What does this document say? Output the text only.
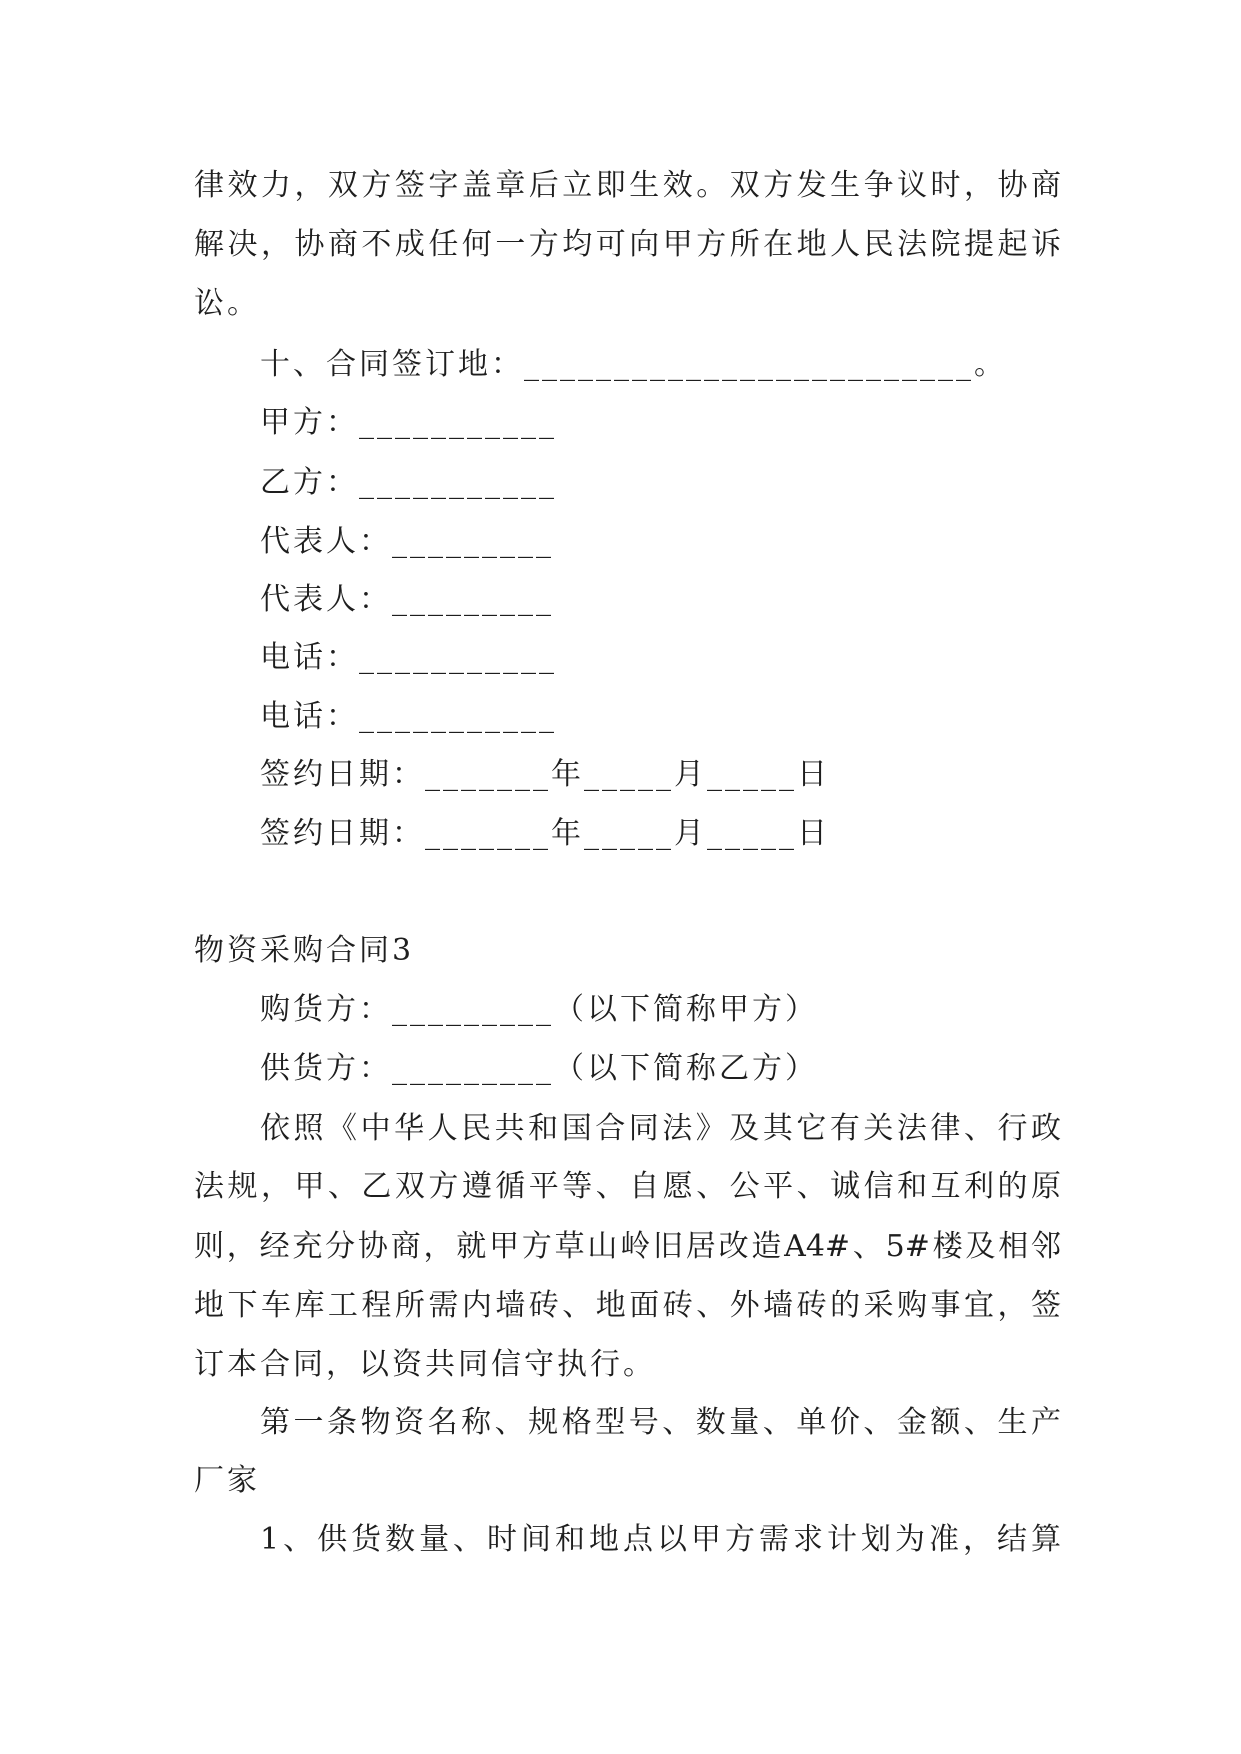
律效力，双方签字盖章后立即生效。双方发生争议时，协商
解决，协商不成任何一方均可向甲方所在地人民法院提起诉
讼。
十、合同签订地：_________________________。
甲方：___________
乙方：___________
代表人：_________
代表人：_________
电话：___________
电话：___________
签约日期：_______年_____月_____日
签约日期：_______年_____月_____日
物资采购合同3
购货方：_________（以下简称甲方）
供货方：_________（以下简称乙方）
依照《中华人民共和国合同法》及其它有关法律、行政
法规，甲、乙双方遵循平等、自愿、公平、诚信和互利的原
则，经充分协商，就甲方草山岭旧居改造A4#、5#楼及相邻
地下车库工程所需内墙砖、地面砖、外墙砖的采购事宜，签
订本合同，以资共同信守执行。
第一条物资名称、规格型号、数量、单价、金额、生产
厂家
1、供货数量、时间和地点以甲方需求计划为准，结算
